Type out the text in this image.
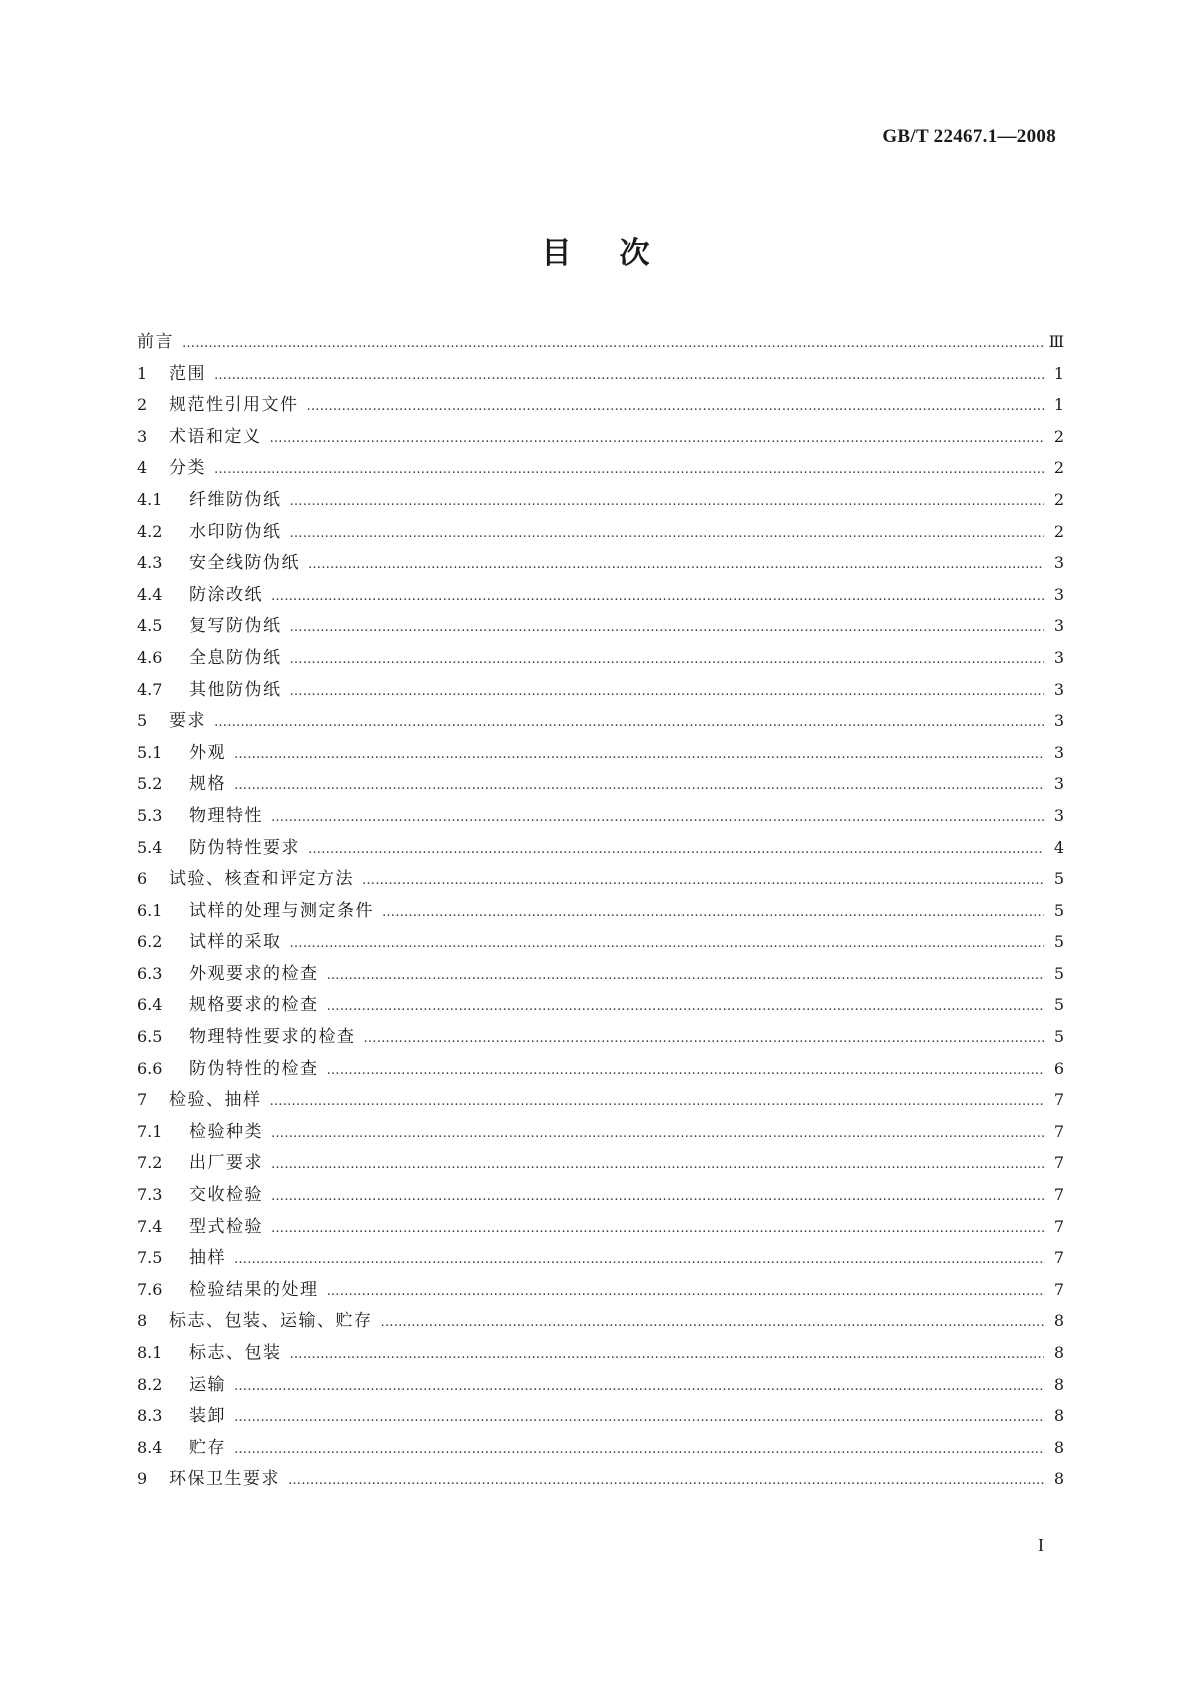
GB/T 22467.1—2008
目次
前言 …………………………………………………………………………………………………………………………………………………………………………………………………………………………	Ⅲ
1	范围 …………………………………………………………………………………………………………………………………………………………………………………………………………………………	1
2	规范性引用文件 …………………………………………………………………………………………………………………………………………………………………………………………………………………………	1
3	术语和定义 …………………………………………………………………………………………………………………………………………………………………………………………………………………………	2
4	分类 …………………………………………………………………………………………………………………………………………………………………………………………………………………………	2
4.1	纤维防伪纸 …………………………………………………………………………………………………………………………………………………………………………………………………………………………	2
4.2	水印防伪纸 …………………………………………………………………………………………………………………………………………………………………………………………………………………………	2
4.3	安全线防伪纸 …………………………………………………………………………………………………………………………………………………………………………………………………………………………	3
4.4	防涂改纸 …………………………………………………………………………………………………………………………………………………………………………………………………………………………	3
4.5	复写防伪纸 …………………………………………………………………………………………………………………………………………………………………………………………………………………………	3
4.6	全息防伪纸 …………………………………………………………………………………………………………………………………………………………………………………………………………………………	3
4.7	其他防伪纸 …………………………………………………………………………………………………………………………………………………………………………………………………………………………	3
5	要求 …………………………………………………………………………………………………………………………………………………………………………………………………………………………	3
5.1	外观 …………………………………………………………………………………………………………………………………………………………………………………………………………………………	3
5.2	规格 …………………………………………………………………………………………………………………………………………………………………………………………………………………………	3
5.3	物理特性 …………………………………………………………………………………………………………………………………………………………………………………………………………………………	3
5.4	防伪特性要求 …………………………………………………………………………………………………………………………………………………………………………………………………………………………	4
6	试验、核查和评定方法 …………………………………………………………………………………………………………………………………………………………………………………………………………………………	5
6.1	试样的处理与测定条件 …………………………………………………………………………………………………………………………………………………………………………………………………………………………	5
6.2	试样的采取 …………………………………………………………………………………………………………………………………………………………………………………………………………………………	5
6.3	外观要求的检查 …………………………………………………………………………………………………………………………………………………………………………………………………………………………	5
6.4	规格要求的检查 …………………………………………………………………………………………………………………………………………………………………………………………………………………………	5
6.5	物理特性要求的检查 …………………………………………………………………………………………………………………………………………………………………………………………………………………………	5
6.6	防伪特性的检查 …………………………………………………………………………………………………………………………………………………………………………………………………………………………	6
7	检验、抽样 …………………………………………………………………………………………………………………………………………………………………………………………………………………………	7
7.1	检验种类 …………………………………………………………………………………………………………………………………………………………………………………………………………………………	7
7.2	出厂要求 …………………………………………………………………………………………………………………………………………………………………………………………………………………………	7
7.3	交收检验 …………………………………………………………………………………………………………………………………………………………………………………………………………………………	7
7.4	型式检验 …………………………………………………………………………………………………………………………………………………………………………………………………………………………	7
7.5	抽样 …………………………………………………………………………………………………………………………………………………………………………………………………………………………	7
7.6	检验结果的处理 …………………………………………………………………………………………………………………………………………………………………………………………………………………………	7
8	标志、包装、运输、贮存 …………………………………………………………………………………………………………………………………………………………………………………………………………………………	8
8.1	标志、包装 …………………………………………………………………………………………………………………………………………………………………………………………………………………………	8
8.2	运输 …………………………………………………………………………………………………………………………………………………………………………………………………………………………	8
8.3	装卸 …………………………………………………………………………………………………………………………………………………………………………………………………………………………	8
8.4	贮存 …………………………………………………………………………………………………………………………………………………………………………………………………………………………	8
9	环保卫生要求 …………………………………………………………………………………………………………………………………………………………………………………………………………………………	8
I
